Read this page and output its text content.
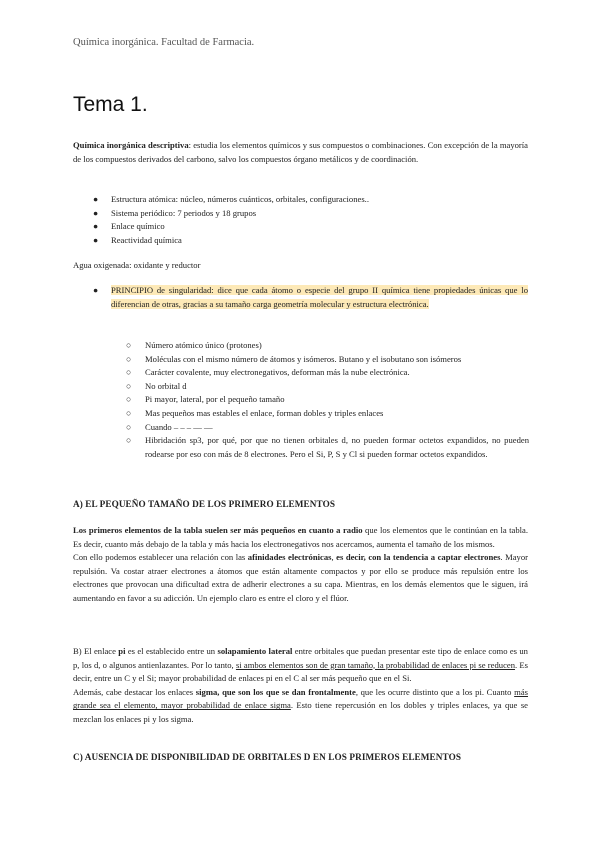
Química inorgánica. Facultad de Farmacia.
Tema 1.

Química inorgánica descriptiva: estudia los elementos químicos y sus compuestos o combinaciones. Con excepción de la mayoría de los compuestos derivados del carbono, salvo los compuestos órgano metálicos y de coordinación.

● Estructura atómica: núcleo, números cuánticos, orbitales, configuraciones..
● Sistema periódico: 7 periodos y 18 grupos
● Enlace químico
● Reactividad química

Agua oxigenada: oxidante y reductor

● PRINCIPIO de singularidad: dice que cada átomo o especie del grupo II química tiene propiedades únicas que lo diferencian de otras, gracias a su tamaño carga geometría molecular y estructura electrónica.
○ Número atómico único (protones)
○ Moléculas con el mismo número de átomos y isómeros. Butano y el isobutano son isómeros
○ Carácter covalente, muy electronegativos, deforman más la nube electrónica.
○ No orbital d
○ Pi mayor, lateral, por el pequeño tamaño
○ Mas pequeños mas estables el enlace, forman dobles y triples enlaces
○ Cuando – – – — —
○ Hibridación sp3, por qué, por que no tienen orbitales d, no pueden formar octetos expandidos, no pueden rodearse por eso con más de 8 electrones. Pero el Si, P, S y Cl si pueden formar octetos expandidos.
A) EL PEQUEÑO TAMAÑO DE LOS PRIMERO ELEMENTOS

Los primeros elementos de la tabla suelen ser más pequeños en cuanto a radio que los elementos que le continúan en la tabla. Es decir, cuanto más debajo de la tabla y más hacia los electronegativos nos acercamos, aumenta el tamaño de los mismos.

Con ello podemos establecer una relación con las afinidades electrónicas, es decir, con la tendencia a captar electrones. Mayor repulsión. Va costar atraer electrones a átomos que están altamente compactos y por ello se produce más repulsión entre los electrones que provocan una dificultad extra de adherir electrones a su capa. Mientras, en los demás elementos que le siguen, irá aumentando en favor a su adicción. Un ejemplo claro es entre el cloro y el flúor.

B) El enlace pi es el establecido entre un solapamiento lateral entre orbitales que puedan presentar este tipo de enlace como es un p, los d, o algunos antienlazantes. Por lo tanto, si ambos elementos son de gran tamaño, la probabilidad de enlaces pi se reducen. Es decir, entre un C y el Si; mayor probabilidad de enlaces pi en el C al ser más pequeño que en el Si.

Además, cabe destacar los enlaces sigma, que son los que se dan frontalmente, que les ocurre distinto que a los pi. Cuanto más grande sea el elemento, mayor probabilidad de enlace sigma. Esto tiene repercusión en los dobles y triples enlaces, ya que se mezclan los enlaces pi y los sigma.

C) AUSENCIA DE DISPONIBILIDAD DE ORBITALES D EN LOS PRIMEROS ELEMENTOS
